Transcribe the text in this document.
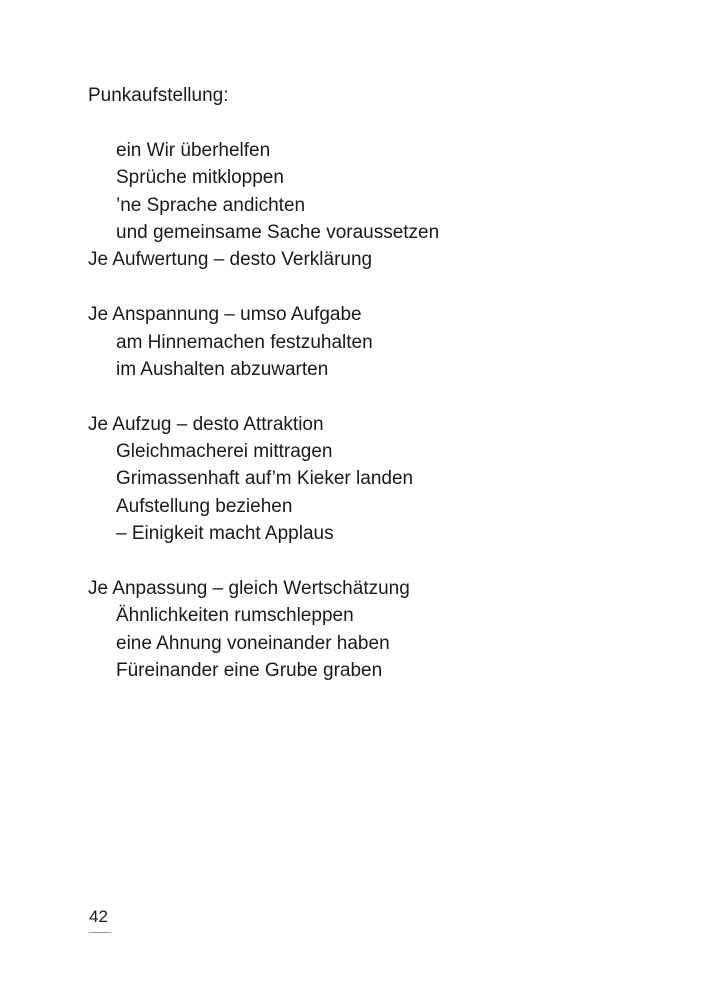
Punkaufstellung:
ein Wir überhelfen
Sprüche mitkloppen
’ne Sprache andichten
und gemeinsame Sache voraussetzen
Je Aufwertung – desto Verklärung
Je Anspannung – umso Aufgabe
am Hinnemachen festzuhalten
im Aushalten abzuwarten
Je Aufzug – desto Attraktion
Gleichmacherei mittragen
Grimassenhaft auf’m Kieker landen
Aufstellung beziehen
– Einigkeit macht Applaus
Je Anpassung – gleich Wertschätzung
Ähnlichkeiten rumschleppen
eine Ahnung voneinander haben
Füreinander eine Grube graben
42
